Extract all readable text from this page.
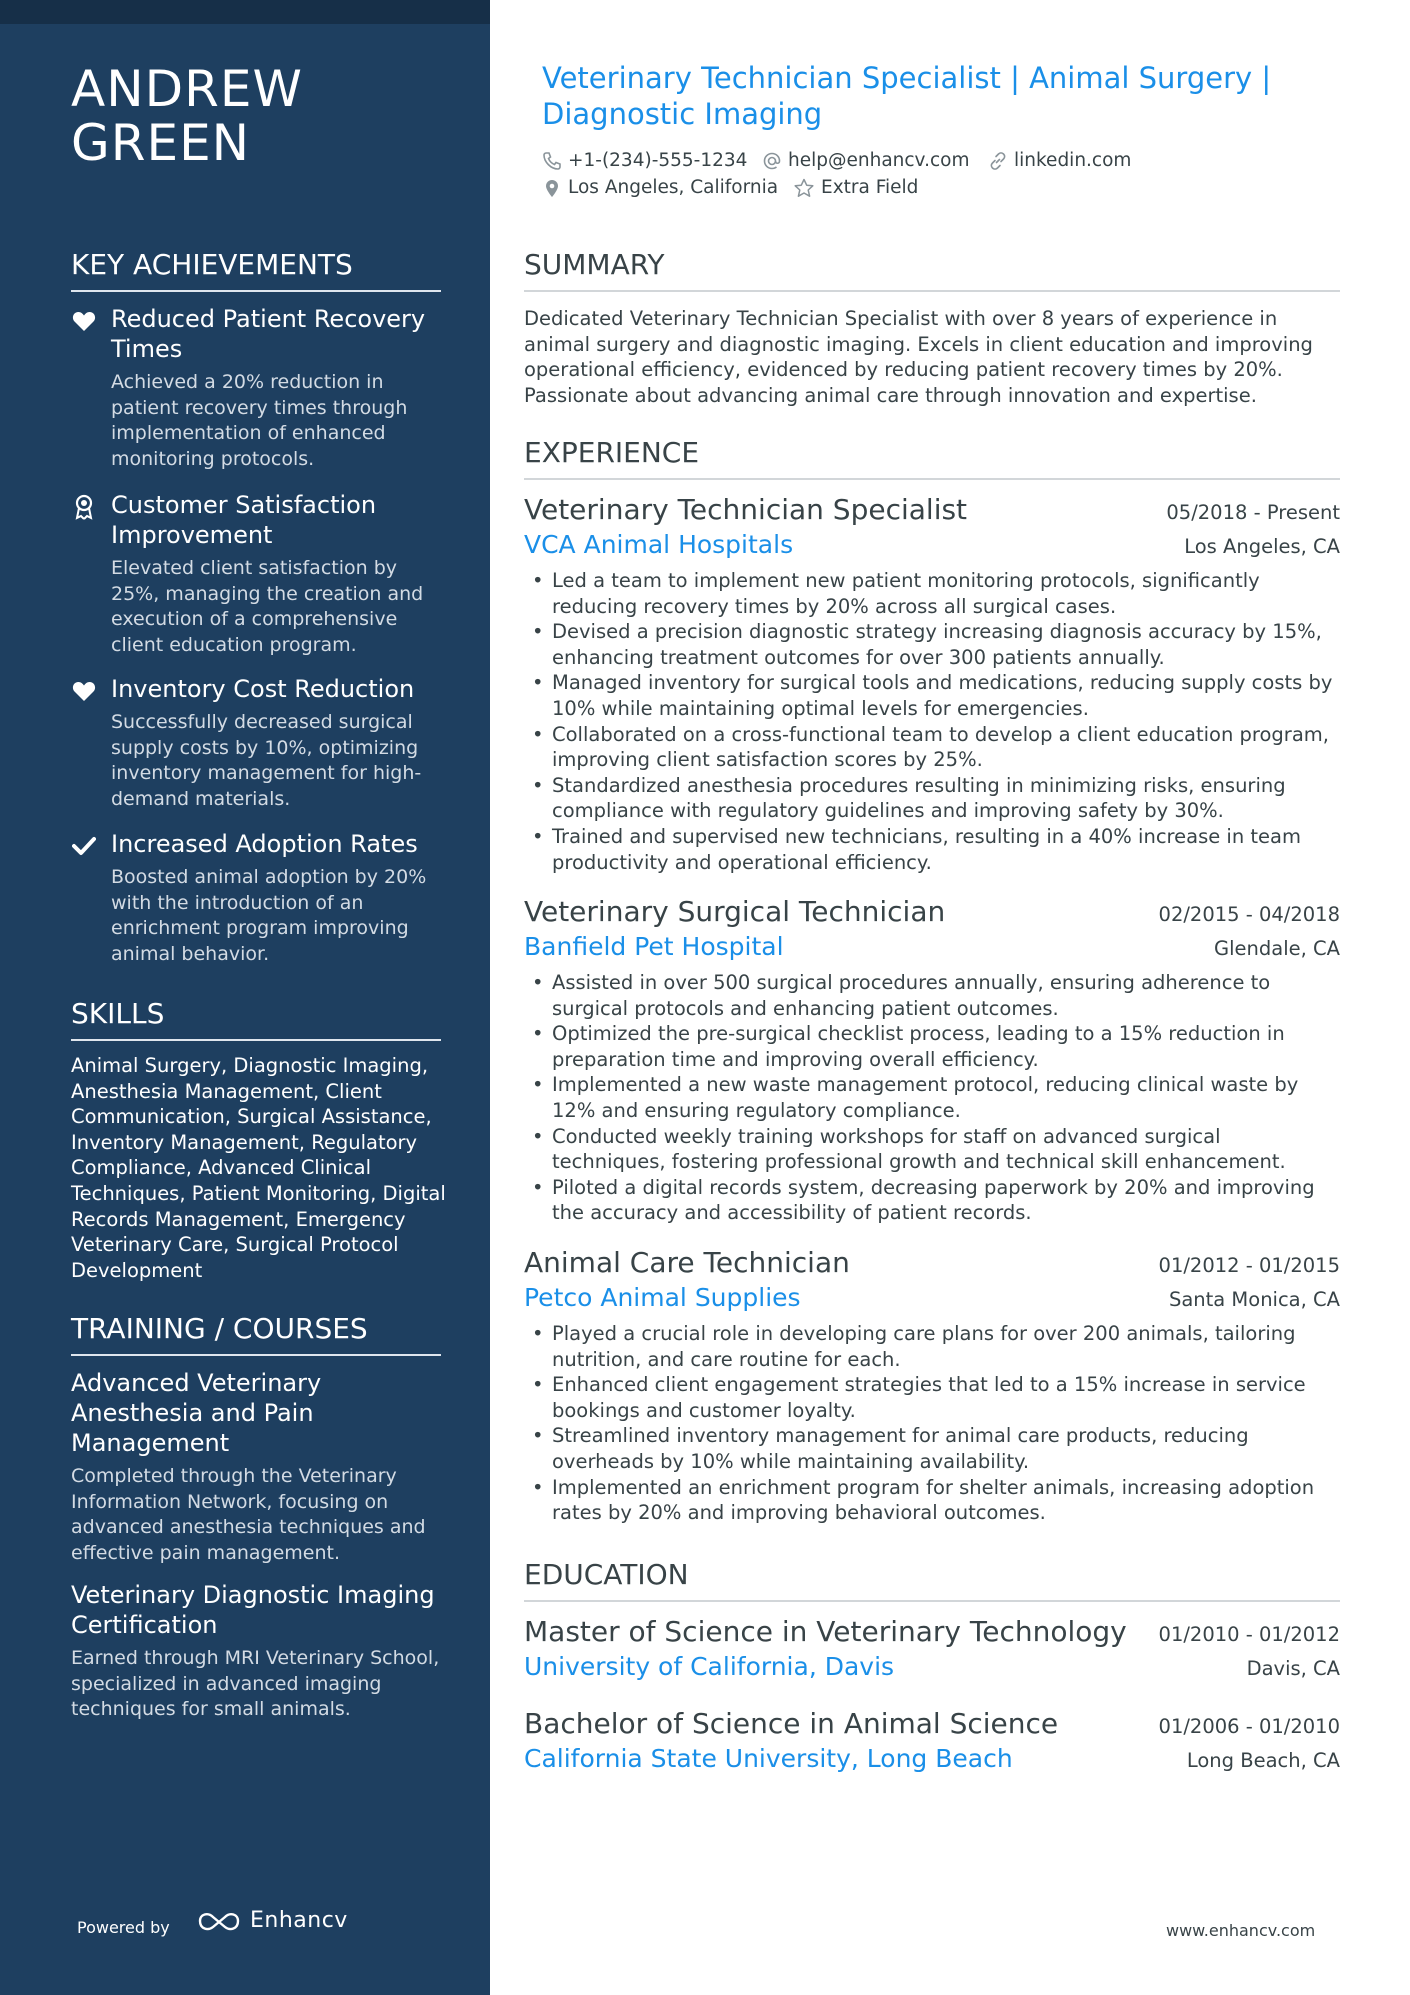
ANDREW
GREEN
KEY ACHIEVEMENTS
Reduced Patient Recovery Times
Achieved a 20% reduction in patient recovery times through implementation of enhanced monitoring protocols.
Customer Satisfaction Improvement
Elevated client satisfaction by 25%, managing the creation and execution of a comprehensive client education program.
Inventory Cost Reduction
Successfully decreased surgical supply costs by 10%, optimizing inventory management for high-demand materials.
Increased Adoption Rates
Boosted animal adoption by 20% with the introduction of an enrichment program improving animal behavior.
SKILLS
Animal Surgery, Diagnostic Imaging, Anesthesia Management, Client Communication, Surgical Assistance, Inventory Management, Regulatory Compliance, Advanced Clinical Techniques, Patient Monitoring, Digital Records Management, Emergency Veterinary Care, Surgical Protocol Development
TRAINING / COURSES
Advanced Veterinary Anesthesia and Pain Management
Completed through the Veterinary Information Network, focusing on advanced anesthesia techniques and effective pain management.
Veterinary Diagnostic Imaging Certification
Earned through MRI Veterinary School, specialized in advanced imaging techniques for small animals.
Powered by	Enhancv
Veterinary Technician Specialist | Animal Surgery | Diagnostic Imaging
+1-(234)-555-1234 help@enhancv.com linkedin.com
Los Angeles, California Extra Field
SUMMARY
Dedicated Veterinary Technician Specialist with over 8 years of experience in animal surgery and diagnostic imaging. Excels in client education and improving operational efficiency, evidenced by reducing patient recovery times by 20%. Passionate about advancing animal care through innovation and expertise.
EXPERIENCE
Veterinary Technician Specialist	05/2018 - Present
VCA Animal Hospitals	Los Angeles, CA
• Led a team to implement new patient monitoring protocols, significantly reducing recovery times by 20% across all surgical cases.
• Devised a precision diagnostic strategy increasing diagnosis accuracy by 15%, enhancing treatment outcomes for over 300 patients annually.
• Managed inventory for surgical tools and medications, reducing supply costs by 10% while maintaining optimal levels for emergencies.
• Collaborated on a cross-functional team to develop a client education program, improving client satisfaction scores by 25%.
• Standardized anesthesia procedures resulting in minimizing risks, ensuring compliance with regulatory guidelines and improving safety by 30%.
• Trained and supervised new technicians, resulting in a 40% increase in team productivity and operational efficiency.
Veterinary Surgical Technician	02/2015 - 04/2018
Banfield Pet Hospital	Glendale, CA
• Assisted in over 500 surgical procedures annually, ensuring adherence to surgical protocols and enhancing patient outcomes.
• Optimized the pre-surgical checklist process, leading to a 15% reduction in preparation time and improving overall efficiency.
• Implemented a new waste management protocol, reducing clinical waste by 12% and ensuring regulatory compliance.
• Conducted weekly training workshops for staff on advanced surgical techniques, fostering professional growth and technical skill enhancement.
• Piloted a digital records system, decreasing paperwork by 20% and improving the accuracy and accessibility of patient records.
Animal Care Technician	01/2012 - 01/2015
Petco Animal Supplies	Santa Monica, CA
• Played a crucial role in developing care plans for over 200 animals, tailoring nutrition, and care routine for each.
• Enhanced client engagement strategies that led to a 15% increase in service bookings and customer loyalty.
• Streamlined inventory management for animal care products, reducing overheads by 10% while maintaining availability.
• Implemented an enrichment program for shelter animals, increasing adoption rates by 20% and improving behavioral outcomes.
EDUCATION
Master of Science in Veterinary Technology 01/2010 - 01/2012
University of California, Davis	Davis, CA
Bachelor of Science in Animal Science	01/2006 - 01/2010
California State University, Long Beach	Long Beach, CA
www.enhancv.com
